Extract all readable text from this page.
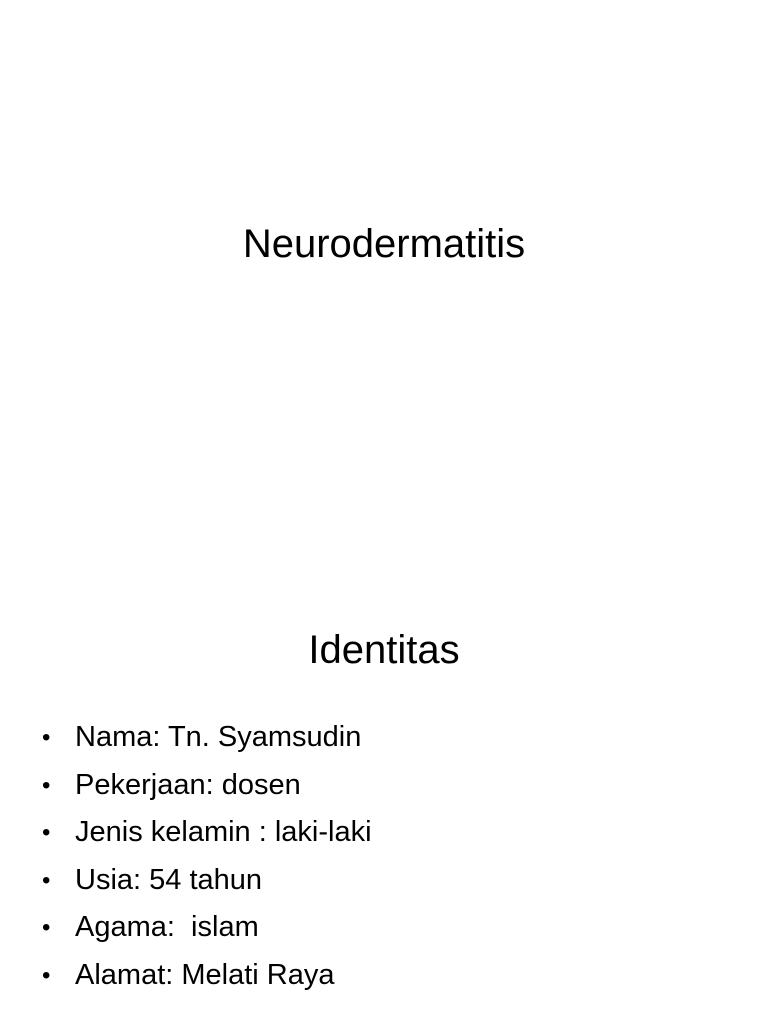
Neurodermatitis
Identitas
• Nama: Tn. Syamsudin
• Pekerjaan: dosen
• Jenis kelamin : laki-laki
• Usia: 54 tahun
• Agama:  islam
• Alamat: Melati Raya
